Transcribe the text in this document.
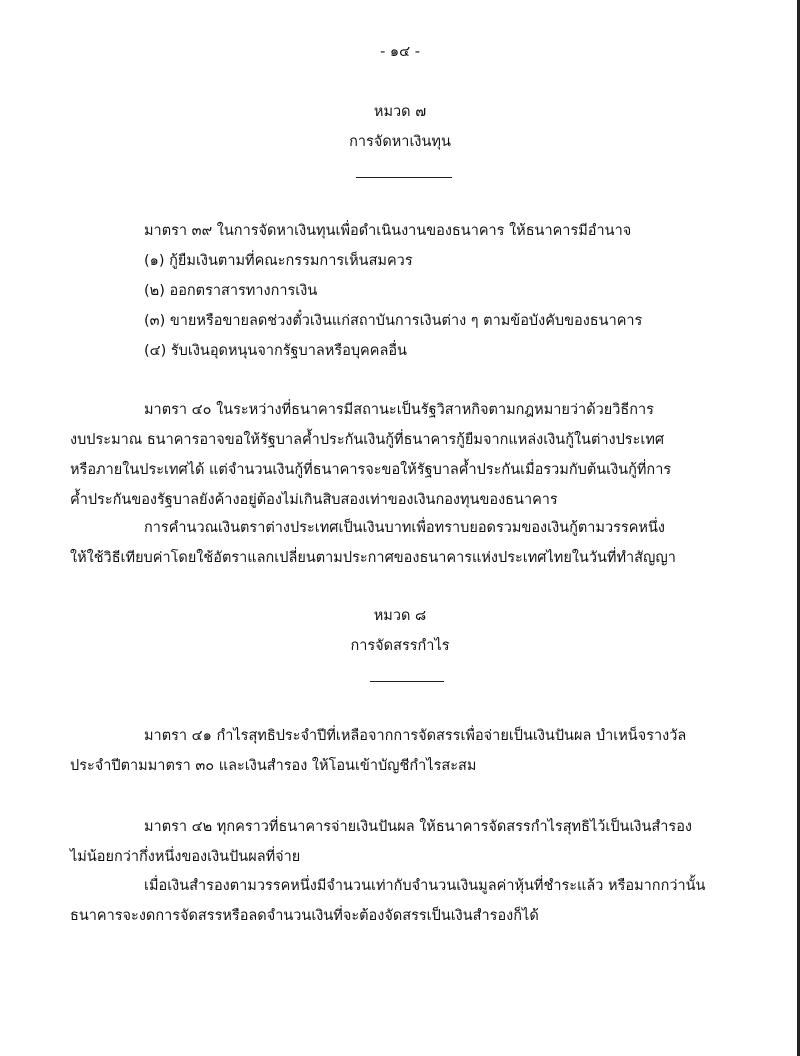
- ๑๔ -
หมวด ๗
การจัดหาเงินทุน
มาตรา ๓๙ ในการจัดหาเงินทุนเพื่อดำเนินงานของธนาคาร ให้ธนาคารมีอำนาจ
(๑) กู้ยืมเงินตามที่คณะกรรมการเห็นสมควร
(๒) ออกตราสารทางการเงิน
(๓) ขายหรือขายลดช่วงตั๋วเงินแก่สถาบันการเงินต่าง ๆ ตามข้อบังคับของธนาคาร
(๔) รับเงินอุดหนุนจากรัฐบาลหรือบุคคลอื่น
มาตรา ๔๐ ในระหว่างที่ธนาคารมีสถานะเป็นรัฐวิสาหกิจตามกฎหมายว่าด้วยวิธีการ
งบประมาณ ธนาคารอาจขอให้รัฐบาลค้ำประกันเงินกู้ที่ธนาคารกู้ยืมจากแหล่งเงินกู้ในต่างประเทศ
หรือภายในประเทศได้ แต่จำนวนเงินกู้ที่ธนาคารจะขอให้รัฐบาลค้ำประกันเมื่อรวมกับต้นเงินกู้ที่การ
ค้ำประกันของรัฐบาลยังค้างอยู่ต้องไม่เกินสิบสองเท่าของเงินกองทุนของธนาคาร
การคำนวณเงินตราต่างประเทศเป็นเงินบาทเพื่อทราบยอดรวมของเงินกู้ตามวรรคหนึ่ง
ให้ใช้วิธีเทียบค่าโดยใช้อัตราแลกเปลี่ยนตามประกาศของธนาคารแห่งประเทศไทยในวันที่ทำสัญญา
หมวด ๘
การจัดสรรกำไร
มาตรา ๔๑ กำไรสุทธิประจำปีที่เหลือจากการจัดสรรเพื่อจ่ายเป็นเงินปันผล บำเหน็จรางวัล
ประจำปีตามมาตรา ๓๐ และเงินสำรอง ให้โอนเข้าบัญชีกำไรสะสม
มาตรา ๔๒ ทุกคราวที่ธนาคารจ่ายเงินปันผล ให้ธนาคารจัดสรรกำไรสุทธิไว้เป็นเงินสำรอง
ไม่น้อยกว่ากึ่งหนึ่งของเงินปันผลที่จ่าย
เมื่อเงินสำรองตามวรรคหนึ่งมีจำนวนเท่ากับจำนวนเงินมูลค่าหุ้นที่ชำระแล้ว หรือมากกว่านั้น
ธนาคารจะงดการจัดสรรหรือลดจำนวนเงินที่จะต้องจัดสรรเป็นเงินสำรองก็ได้
